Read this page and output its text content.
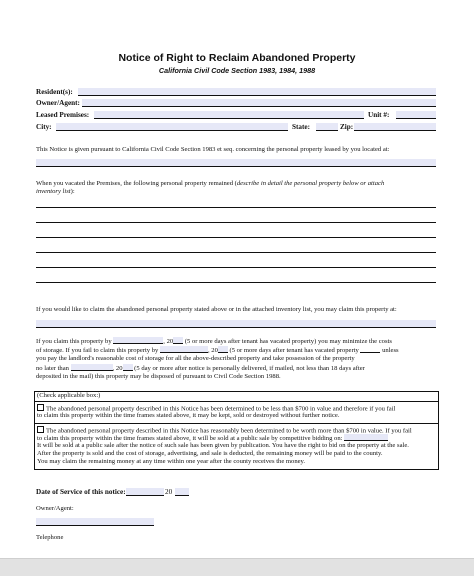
Notice of Right to Reclaim Abandoned Property
California Civil Code Section 1983, 1984, 1988
Resident(s):
Owner/Agent:
Leased Premises:	Unit #:
City:	State:	Zip:
This Notice is given pursuant to California Civil Code Section 1983 et seq. concerning the personal property leased by you located at:
When you vacated the Premises, the following personal property remained (describe in detail the personal property below or attach
inventory list):
If you would like to claim the abandoned personal property stated above or in the attached inventory list, you may claim this property at:
If you claim this property by	, 20 (5 or more days after tenant has vacated property) you may minimize the costs
of storage. If you fail to claim this property by	, 20 (5 or more days after tenant has vacated property	unless
you pay the landlord's reasonable cost of storage for all the above-described property and take possession of the property
no later than	, 20 (5 day or more after notice is personally delivered, if mailed, not less than 18 days after
deposited in the mail) this property may be disposed of pursuant to Civil Code Section 1988.
(Check applicable box:)
The abandoned personal property described in this Notice has been determined to be less than $700 in value and therefore if you fail
to claim this property within the time frames stated above, it may be kept, sold or destroyed without further notice.
The abandoned personal property described in this Notice has reasonably been determined to be worth more than $700 in value. If you fail
to claim this property within the time frames stated above, it will be sold at a public sale by competitive bidding on:
It will be sold at a public sale after the notice of such sale has been given by publication. You have the right to bid on the property at the sale.
After the property is sold and the cost of storage, advertising, and sale is deducted, the remaining money will be paid to the county.
You may claim the remaining money at any time within one year after the county receives the money.
Date of Service of this notice:	20
Owner/Agent:
Telephone
